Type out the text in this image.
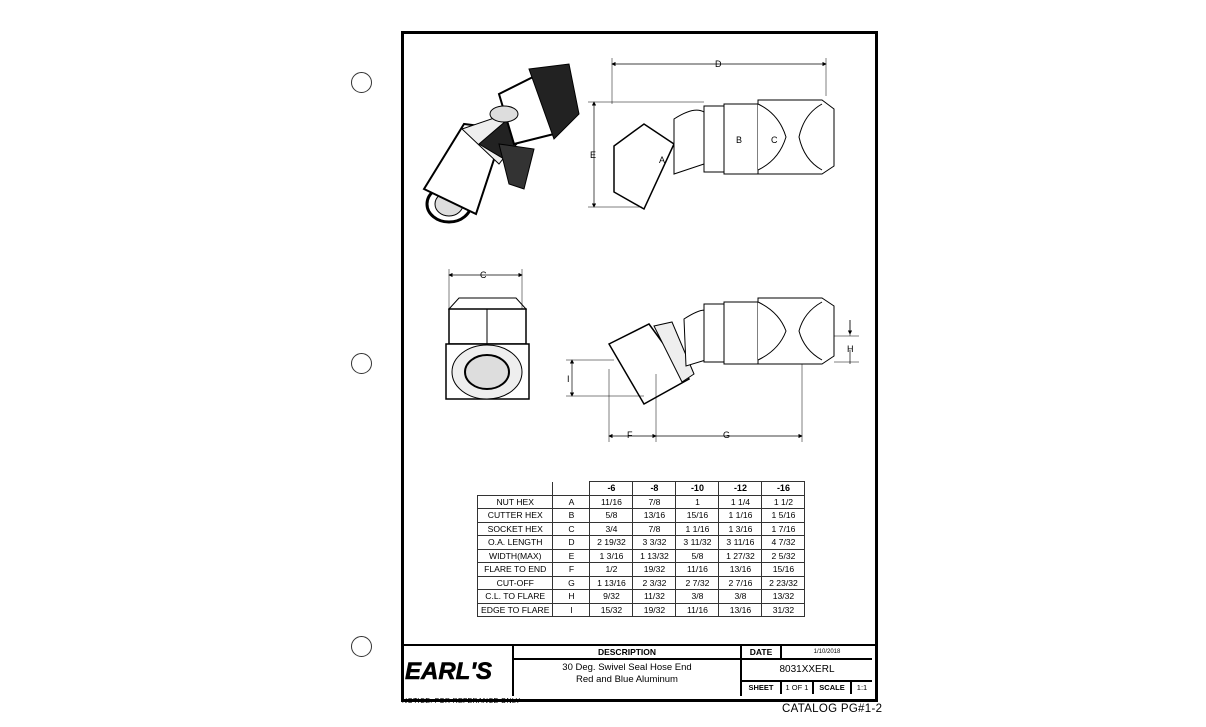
A
B	C
D
E
C
H
I
F	G
		-6	-8	-10	-12	-16
NUT HEX	A	11/16	7/8	1	1 1/4	1 1/2
CUTTER HEX	B	5/8	13/16	15/16	1 1/16	1 5/16
SOCKET HEX	C	3/4	7/8	1 1/16	1 3/16	1 7/16
O.A. LENGTH	D	2 19/32	3 3/32	3 11/32	3 11/16	4 7/32
WIDTH(MAX)	E	1 3/16	1 13/32	5/8	1 27/32	2 5/32
FLARE TO END	F	1/2	19/32	11/16	13/16	15/16
CUT-OFF	G	1 13/16	2 3/32	2 7/32	2 7/16	2 23/32
C.L. TO FLARE	H	9/32	11/32	3/8	3/8	13/32
EDGE TO FLARE	I	15/32	19/32	11/16	13/16	31/32
EARL'S
DESCRIPTION
30 Deg. Swivel Seal Hose End
Red and Blue Aluminum
DATE	1/10/2018
8031XXERL
SHEET	1 OF 1	SCALE	1:1
NOTICE: FOR REFERANCE ONLY
CATALOG PG#1-2
